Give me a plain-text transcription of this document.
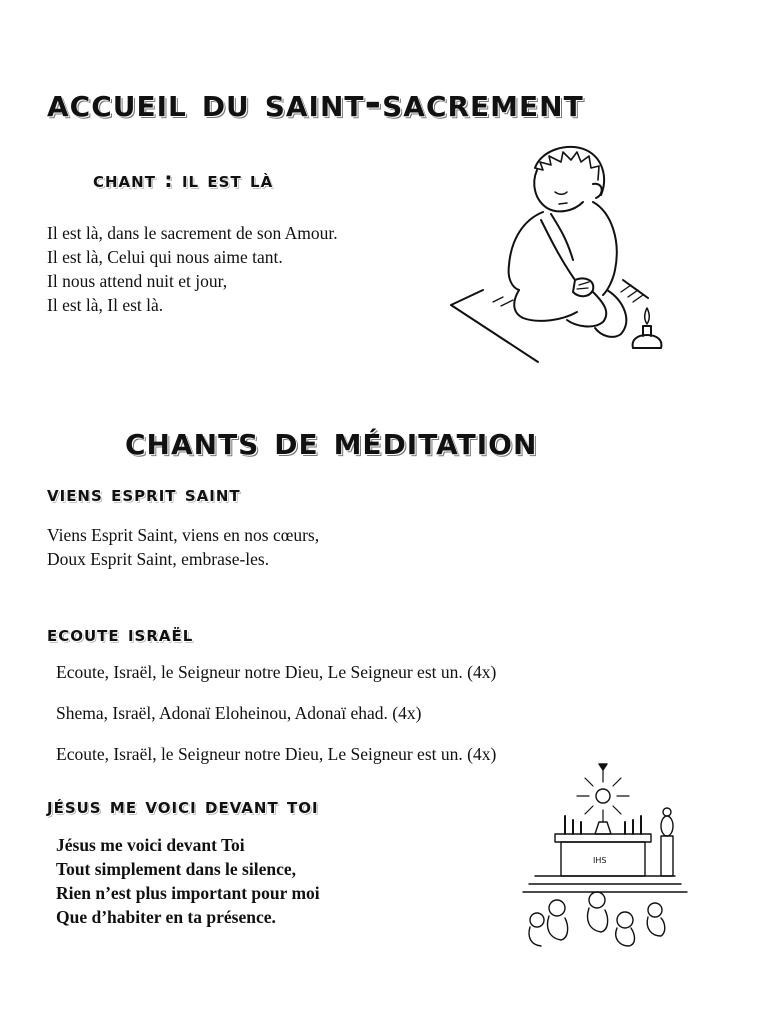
accueil du saint-sacrement
chant : il est là
Il est là, dans le sacrement de son Amour.
Il est là, Celui qui nous aime tant.
Il nous attend nuit et jour,
Il est là, Il est là.
chants de méditation
viens esprit saint
Viens Esprit Saint, viens en nos cœurs,
Doux Esprit Saint, embrase-les.
ecoute israël
Ecoute, Israël, le Seigneur notre Dieu, Le Seigneur est un. (4x)
Shema, Israël, Adonaï Eloheinou, Adonaï ehad. (4x)
Ecoute, Israël, le Seigneur notre Dieu, Le Seigneur est un. (4x)
jésus me voici devant toi
Jésus me voici devant Toi
Tout simplement dans le silence,
Rien n’est plus important pour moi
Que d’habiter en ta présence.
IHS
